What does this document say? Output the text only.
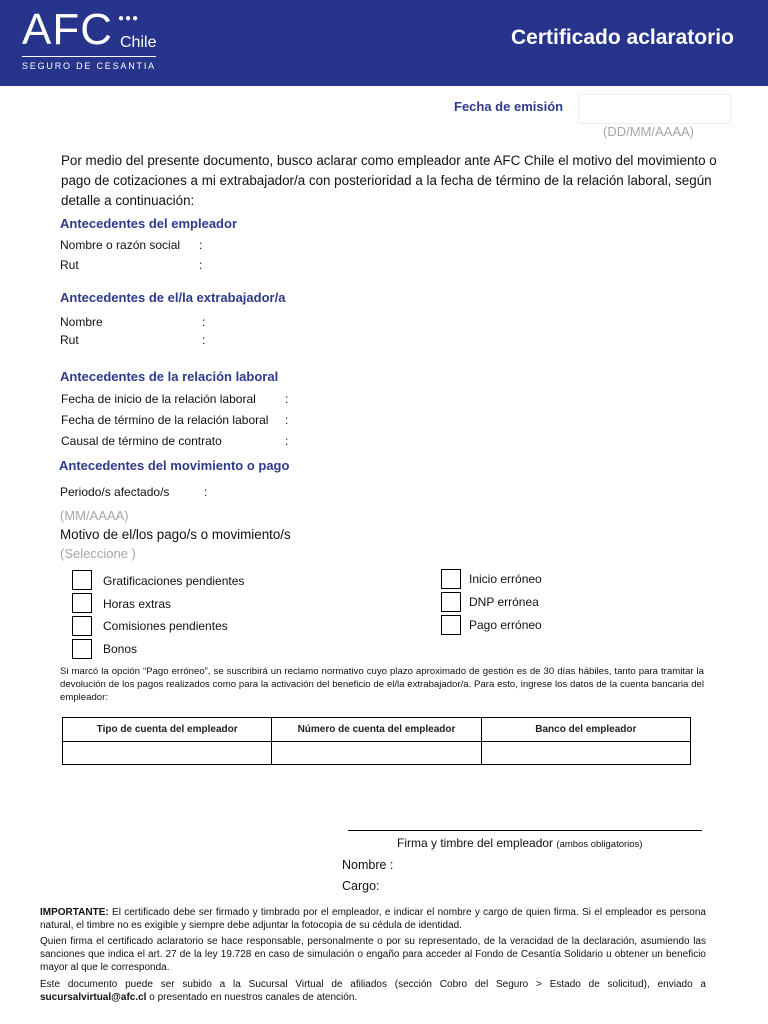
AFC ●●●
Chile
SEGURO DE CESANTIA
Certificado aclaratorio
Fecha de emisión
(DD/MM/AAAA)
Por medio del presente documento, busco aclarar como empleador ante AFC Chile el motivo del movimiento o pago de cotizaciones a mi extrabajador/a con posterioridad a la fecha de término de la relación laboral, según detalle a continuación:
Antecedentes del empleador
Nombre o razón social :
Rut	:
Antecedentes de el/la extrabajador/a
Nombre	:
Rut	:
Antecedentes de la relación laboral
Fecha de inicio de la relación laboral :
Fecha de término de la relación laboral :
Causal de término de contrato	:
Antecedentes del movimiento o pago
Periodo/s afectado/s	:
(MM/AAAA)
Motivo de el/los pago/s o movimiento/s
(Seleccione )
Gratificaciones pendientes
Horas extras
Comisiones pendientes
Bonos
Inicio erróneo
DNP errónea
Pago erróneo
Si marcó la opción “Pago erróneo”, se suscribirá un reclamo normativo cuyo plazo aproximado de gestión es de 30 días hábiles, tanto para tramitar la devolución de los pagos realizados como para la activación del beneficio de el/la extrabajador/a. Para esto, ingrese los datos de la cuenta bancaria del empleador:
Tipo de cuenta del empleador	Número de cuenta del empleador	Banco del empleador

Firma y timbre del empleador (ambos obligatorios)
Nombre :
Cargo:
IMPORTANTE: El certificado debe ser firmado y timbrado por el empleador, e indicar el nombre y cargo de quien firma. Si el empleador es persona natural, el timbre no es exigible y siempre debe adjuntar la fotocopia de su cédula de identidad.
Quien firma el certificado aclaratorio se hace responsable, personalmente o por su representado, de la veracidad de la declaración, asumiendo las sanciones que indica el art. 27 de la ley 19.728 en caso de simulación o engaño para acceder al Fondo de Cesantía Solidario u obtener un beneficio mayor al que le corresponda.
Este documento puede ser subido a la Sucursal Virtual de afiliados (sección Cobro del Seguro > Estado de solicitud), enviado a sucursalvirtual@afc.cl o presentado en nuestros canales de atención.
